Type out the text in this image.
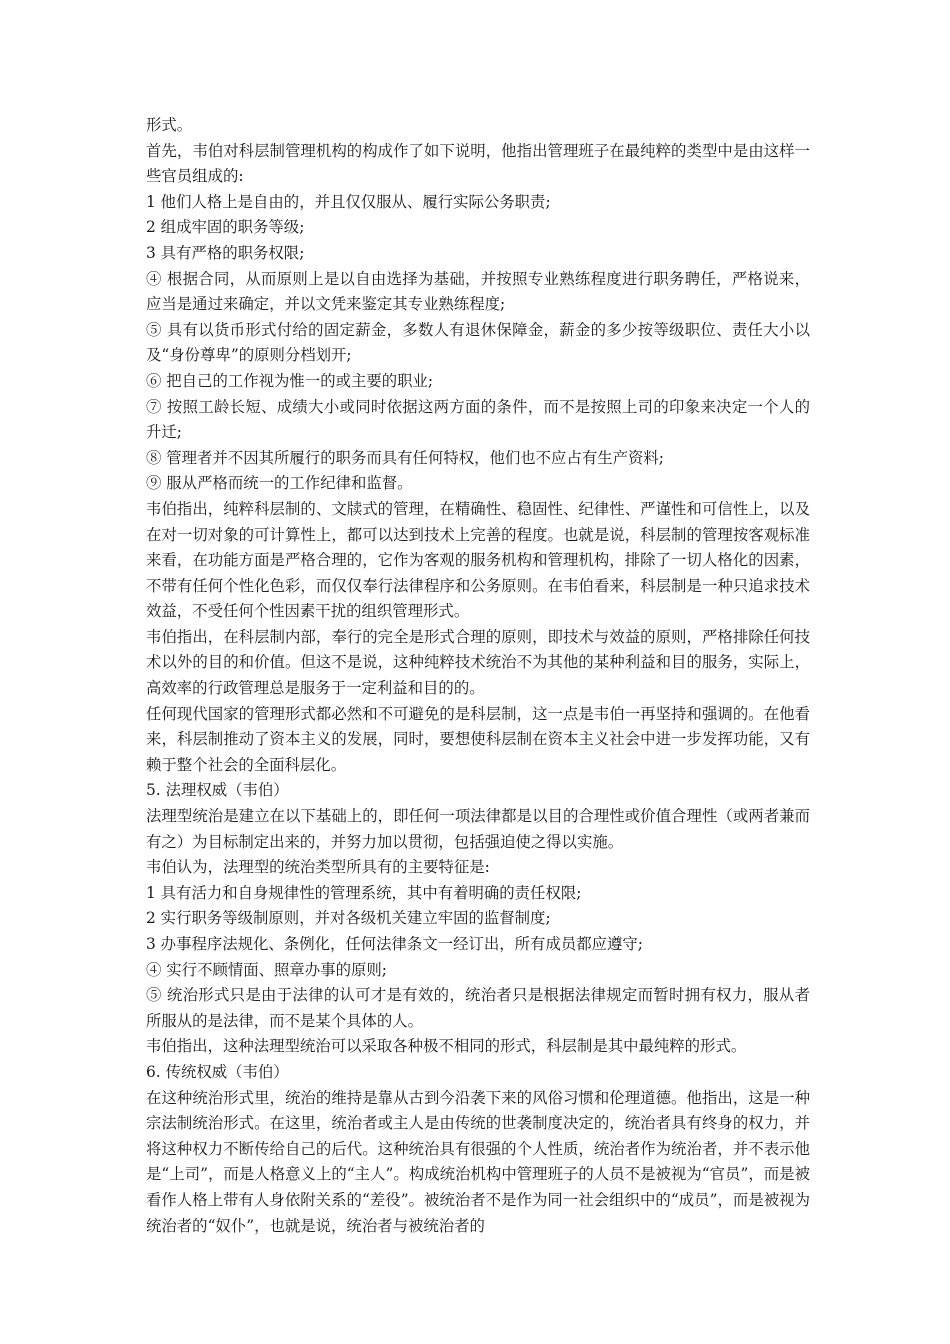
形式。

首先，韦伯对科层制管理机构的构成作了如下说明，他指出管理班子在最纯粹的类型中是由这样一些官员组成的:

1 他们人格上是自由的，并且仅仅服从、履行实际公务职责;

2 组成牢固的职务等级;

3 具有严格的职务权限;

④ 根据合同，从而原则上是以自由选择为基础，并按照专业熟练程度进行职务聘任，严格说来，应当是通过来确定，并以文凭来鉴定其专业熟练程度;

⑤ 具有以货币形式付给的固定薪金，多数人有退休保障金，薪金的多少按等级职位、责任大小以及“身份尊卑”的原则分档划开;

⑥ 把自己的工作视为惟一的或主要的职业;

⑦ 按照工龄长短、成绩大小或同时依据这两方面的条件，而不是按照上司的印象来决定一个人的升迁;

⑧ 管理者并不因其所履行的职务而具有任何特权，他们也不应占有生产资料;

⑨ 服从严格而统一的工作纪律和监督。

韦伯指出，纯粹科层制的、文牍式的管理，在精确性、稳固性、纪律性、严谨性和可信性上，以及在对一切对象的可计算性上，都可以达到技术上完善的程度。也就是说，科层制的管理按客观标准来看，在功能方面是严格合理的，它作为客观的服务机构和管理机构，排除了一切人格化的因素，不带有任何个性化色彩，而仅仅奉行法律程序和公务原则。在韦伯看来，科层制是一种只追求技术效益，不受任何个性因素干扰的组织管理形式。

韦伯指出，在科层制内部，奉行的完全是形式合理的原则，即技术与效益的原则，严格排除任何技术以外的目的和价值。但这不是说，这种纯粹技术统治不为其他的某种利益和目的服务，实际上，高效率的行政管理总是服务于一定利益和目的的。

任何现代国家的管理形式都必然和不可避免的是科层制，这一点是韦伯一再坚持和强调的。在他看来，科层制推动了资本主义的发展，同时，要想使科层制在资本主义社会中进一步发挥功能，又有赖于整个社会的全面科层化。

5. 法理权威（韦伯）

法理型统治是建立在以下基础上的，即任何一项法律都是以目的合理性或价值合理性（或两者兼而有之）为目标制定出来的，并努力加以贯彻，包括强迫使之得以实施。

韦伯认为，法理型的统治类型所具有的主要特征是:

1 具有活力和自身规律性的管理系统，其中有着明确的责任权限;

2 实行职务等级制原则，并对各级机关建立牢固的监督制度;

3 办事程序法规化、条例化，任何法律条文一经订出，所有成员都应遵守;

④ 实行不顾情面、照章办事的原则;

⑤ 统治形式只是由于法律的认可才是有效的，统治者只是根据法律规定而暂时拥有权力，服从者所服从的是法律，而不是某个具体的人。

韦伯指出，这种法理型统治可以采取各种极不相同的形式，科层制是其中最纯粹的形式。

6. 传统权威（韦伯）

在这种统治形式里，统治的维持是靠从古到今沿袭下来的风俗习惯和伦理道德。他指出，这是一种宗法制统治形式。在这里，统治者或主人是由传统的世袭制度决定的，统治者具有终身的权力，并将这种权力不断传给自己的后代。这种统治具有很强的个人性质，统治者作为统治者，并不表示他是“上司”，而是人格意义上的“主人”。构成统治机构中管理班子的人员不是被视为“官员”，而是被看作人格上带有人身依附关系的“差役”。被统治者不是作为同一社会组织中的“成员”，而是被视为统治者的“奴仆”，也就是说，统治者与被统治者的
